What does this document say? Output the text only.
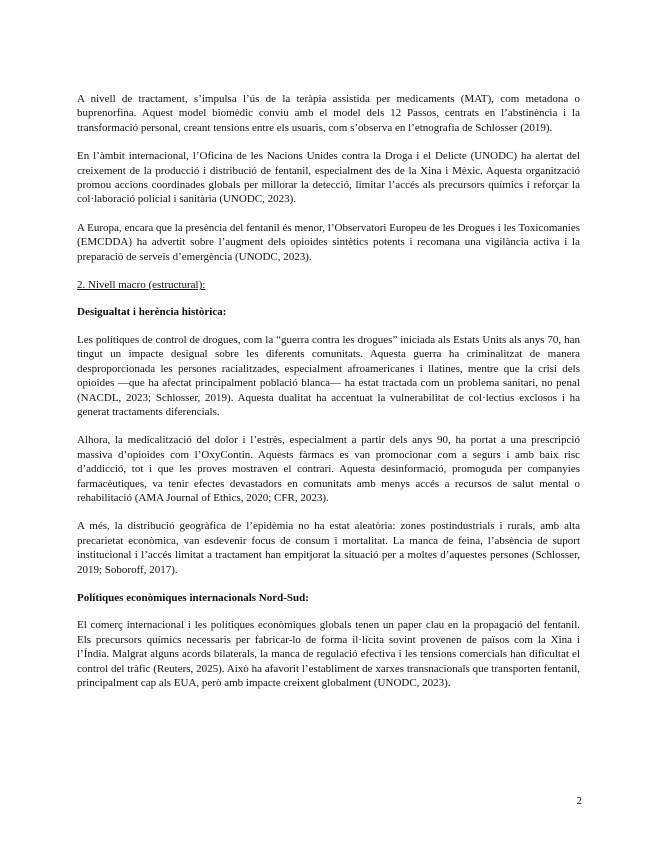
A nivell de tractament, s’impulsa l’ús de la teràpia assistida per medicaments (MAT), com metadona o buprenorfina. Aquest model biomèdic conviu amb el model dels 12 Passos, centrats en l’abstinència i la transformació personal, creant tensions entre els usuaris, com s’observa en l’etnografia de Schlosser (2019).

En l’àmbit internacional, l’Oficina de les Nacions Unides contra la Droga i el Delicte (UNODC) ha alertat del creixement de la producció i distribució de fentanil, especialment des de la Xina i Mèxic. Aquesta organització promou accions coordinades globals per millorar la detecció, limitar l’accés als precursors químics i reforçar la col·laboració policial i sanitària (UNODC, 2023).

A Europa, encara que la presència del fentanil és menor, l’Observatori Europeu de les Drogues i les Toxicomanies (EMCDDA) ha advertit sobre l’augment dels opioides sintètics potents i recomana una vigilància activa i la preparació de serveis d’emergència (UNODC, 2023).

2. Nivell macro (estructural):

Desigualtat i herència històrica:

Les polítiques de control de drogues, com la “guerra contra les drogues” iniciada als Estats Units als anys 70, han tingut un impacte desigual sobre les diferents comunitats. Aquesta guerra ha criminalitzat de manera desproporcionada les persones racialitzades, especialment afroamericanes i llatines, mentre que la crisi dels opioides —que ha afectat principalment població blanca— ha estat tractada com un problema sanitari, no penal (NACDL, 2023; Schlosser, 2019). Aquesta dualitat ha accentuat la vulnerabilitat de col·lectius exclosos i ha generat tractaments diferencials.

Alhora, la medicalització del dolor i l’estrès, especialment a partir dels anys 90, ha portat a una prescripció massiva d’opioides com l’OxyContin. Aquests fàrmacs es van promocionar com a segurs i amb baix risc d’addicció, tot i que les proves mostraven el contrari. Aquesta desinformació, promoguda per companyies farmacèutiques, va tenir efectes devastadors en comunitats amb menys accés a recursos de salut mental o rehabilitació (AMA Journal of Ethics, 2020; CFR, 2023).

A més, la distribució geogràfica de l’epidèmia no ha estat aleatòria: zones postindustrials i rurals, amb alta precarietat econòmica, van esdevenir focus de consum i mortalitat. La manca de feina, l’absència de suport institucional i l’accés limitat a tractament han empitjorat la situació per a moltes d’aquestes persones (Schlosser, 2019; Soboroff, 2017).

Polítiques econòmiques internacionals Nord-Sud:

El comerç internacional i les polítiques econòmiques globals tenen un paper clau en la propagació del fentanil. Els precursors químics necessaris per fabricar-lo de forma il·lícita sovint provenen de països com la Xina i l’Índia. Malgrat alguns acords bilaterals, la manca de regulació efectiva i les tensions comercials han dificultat el control del tràfic (Reuters, 2025). Això ha afavorit l’establiment de xarxes transnacionals que transporten fentanil, principalment cap als EUA, però amb impacte creixent globalment (UNODC, 2023).

2
